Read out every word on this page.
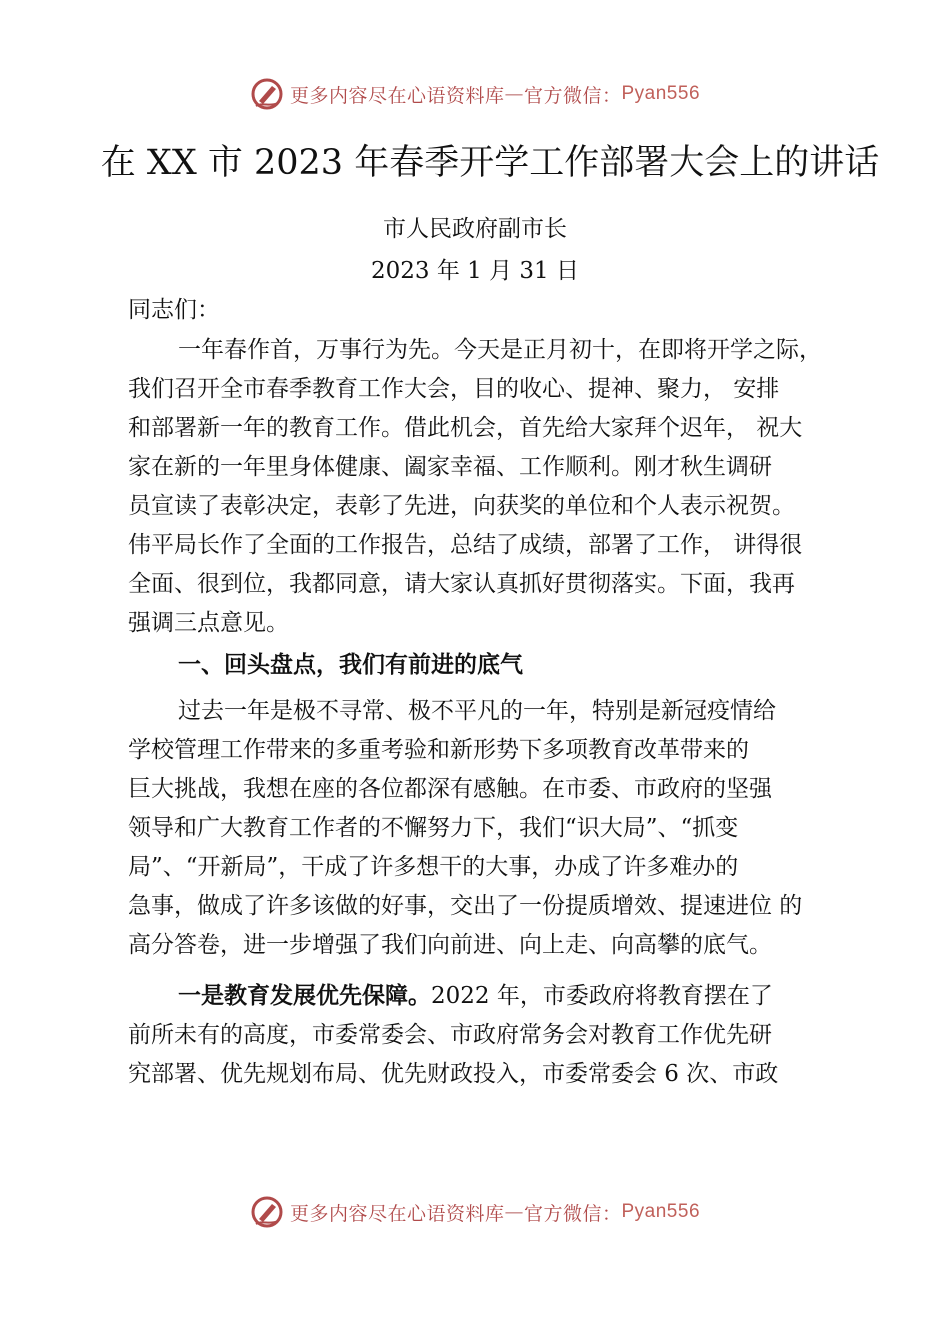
更多内容尽在心语资料库 — 官方微信： Pyan556
在 XX 市 2023 年春季开学工作部署大会上的讲话
市人民政府副市长
2023 年 1 月 31 日

同志们：

一年春作首，万事行为先。今天是正月初十，在即将开学之际，

我们召开全市春季教育工作大会，目的收心、提神、聚力， 安排

和部署新一年的教育工作。借此机会，首先给大家拜个迟年， 祝大

家在新的一年里身体健康、阖家幸福、工作顺利。刚才秋生调研

员宣读了表彰决定，表彰了先进，向获奖的单位和个人表示祝贺。

伟平局长作了全面的工作报告，总结了成绩，部署了工作， 讲得很

全面、很到位，我都同意，请大家认真抓好贯彻落实。下面，我再

强调三点意见。

一、回头盘点，我们有前进的底气

过去一年是极不寻常、极不平凡的一年，特别是新冠疫情给

学校管理工作带来的多重考验和新形势下多项教育改革带来的

巨大挑战，我想在座的各位都深有感触。在市委、市政府的坚强

领导和广大教育工作者的不懈努力下，我们“识大局”、“抓变

局”、“开新局”，干成了许多想干的大事，办成了许多难办的

急事，做成了许多该做的好事，交出了一份提质增效、提速进位 的

高分答卷，进一步增强了我们向前进、向上走、向高攀的底气。

一是教育发展优先保障。2022 年，市委政府将教育摆在了

前所未有的高度，市委常委会、市政府常务会对教育工作优先研

究部署、优先规划布局、优先财政投入，市委常委会 6 次、市政

更多内容尽在心语资料库 — 官方微信： Pyan556
